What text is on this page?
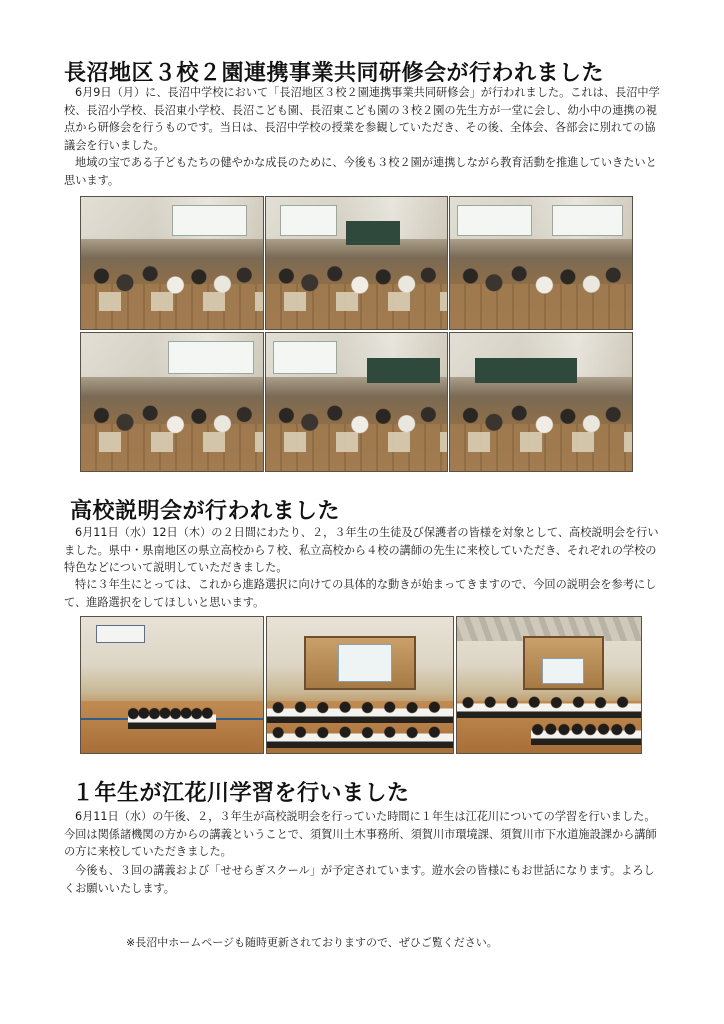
長沼地区３校２園連携事業共同研修会が行われました

6月9日（月）に、長沼中学校において「長沼地区３校２園連携事業共同研修会」が行われました。これは、長沼中学校、長沼小学校、長沼東小学校、長沼こども園、長沼東こども園の３校２園の先生方が一堂に会し、幼小中の連携の視点から研修会を行うものです。当日は、長沼中学校の授業を参観していただき、その後、全体会、各部会に別れての協議会を行いました。

地域の宝である子どもたちの健やかな成長のために、今後も３校２園が連携しながら教育活動を推進していきたいと思います。

高校説明会が行われました

6月11日（水）12日（木）の２日間にわたり、２，３年生の生徒及び保護者の皆様を対象として、高校説明会を行いました。県中・県南地区の県立高校から７校、私立高校から４校の講師の先生に来校していただき、それぞれの学校の特色などについて説明していただきました。

特に３年生にとっては、これから進路選択に向けての具体的な動きが始まってきますので、今回の説明会を参考にして、進路選択をしてほしいと思います。

１年生が江花川学習を行いました

6月11日（水）の午後、２，３年生が高校説明会を行っていた時間に１年生は江花川についての学習を行いました。今回は関係諸機関の方からの講義ということで、須賀川土木事務所、須賀川市環境課、須賀川市下水道施設課から講師の方に来校していただきました。

今後も、３回の講義および「せせらぎスクール」が予定されています。遊水会の皆様にもお世話になります。よろしくお願いいたします。

※長沼中ホームページも随時更新されておりますので、ぜひご覧ください。
